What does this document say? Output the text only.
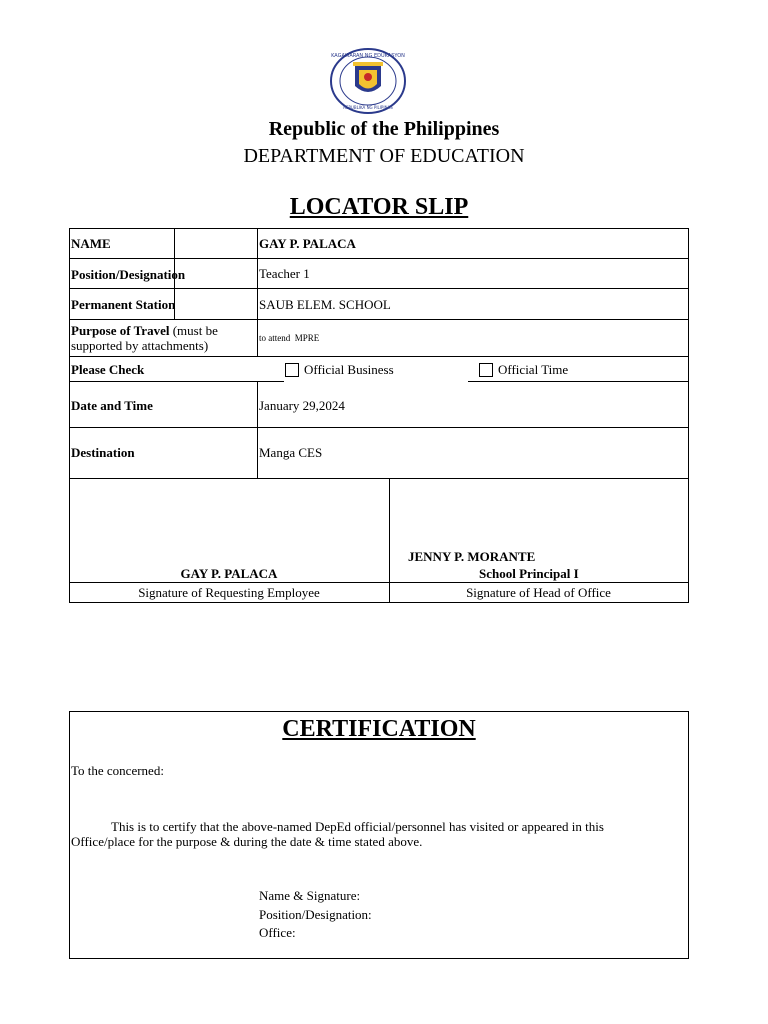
KAGAWARAN NG EDUKASYON
REPUBLIKA NG PILIPINAS
Republic of the Philippines
DEPARTMENT OF EDUCATION
LOCATOR SLIP
NAME	GAY P. PALACA
Position/Designation	Teacher 1
Permanent Station	SAUB ELEM. SCHOOL
Purpose of Travel (must be
supported by attachments)	to attend  MPRE
Please Check	Official Business	Official Time
Date and Time	January 29,2024
Destination	Manga CES
GAY P. PALACA
JENNY P. MORANTE
School Principal I
Signature of Requesting Employee	Signature of Head of Office
CERTIFICATION
To the concerned:
This is to certify that the above-named DepEd official/personnel has visited or appeared in this
Office/place for the purpose & during the date & time stated above.
Name & Signature:
Position/Designation:
Office:
